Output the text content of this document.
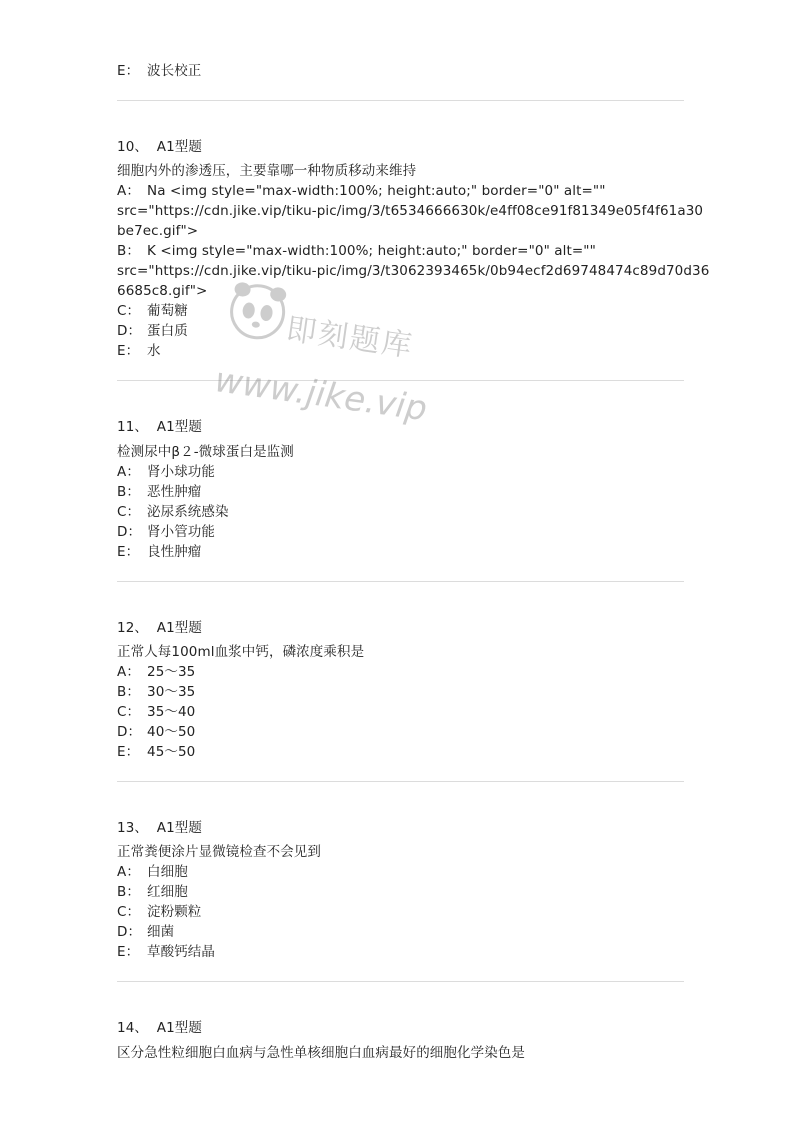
E： 波长校正
10、 A1型题
细胞内外的渗透压，主要靠哪一种物质移动来维持
A： Na <img style="max-width:100%; height:auto;" border="0" alt=""
src="https://cdn.jike.vip/tiku-pic/img/3/t6534666630k/e4ff08ce91f81349e05f4f61a30
be7ec.gif">
B： K <img style="max-width:100%; height:auto;" border="0" alt=""
src="https://cdn.jike.vip/tiku-pic/img/3/t3062393465k/0b94ecf2d69748474c89d70d36
6685c8.gif">
C： 葡萄糖
D： 蛋白质
E： 水
11、 A1型题
检测尿中β２-微球蛋白是监测
A： 肾小球功能
B： 恶性肿瘤
C： 泌尿系统感染
D： 肾小管功能
E： 良性肿瘤
12、 A1型题
正常人每100ml血浆中钙，磷浓度乘积是
A： 25～35
B： 30～35
C： 35～40
D： 40～50
E： 45～50
13、 A1型题
正常粪便涂片显微镜检查不会见到
A： 白细胞
B： 红细胞
C： 淀粉颗粒
D： 细菌
E： 草酸钙结晶
14、 A1型题
区分急性粒细胞白血病与急性单核细胞白血病最好的细胞化学染色是
即刻题库
www.jike.vip
